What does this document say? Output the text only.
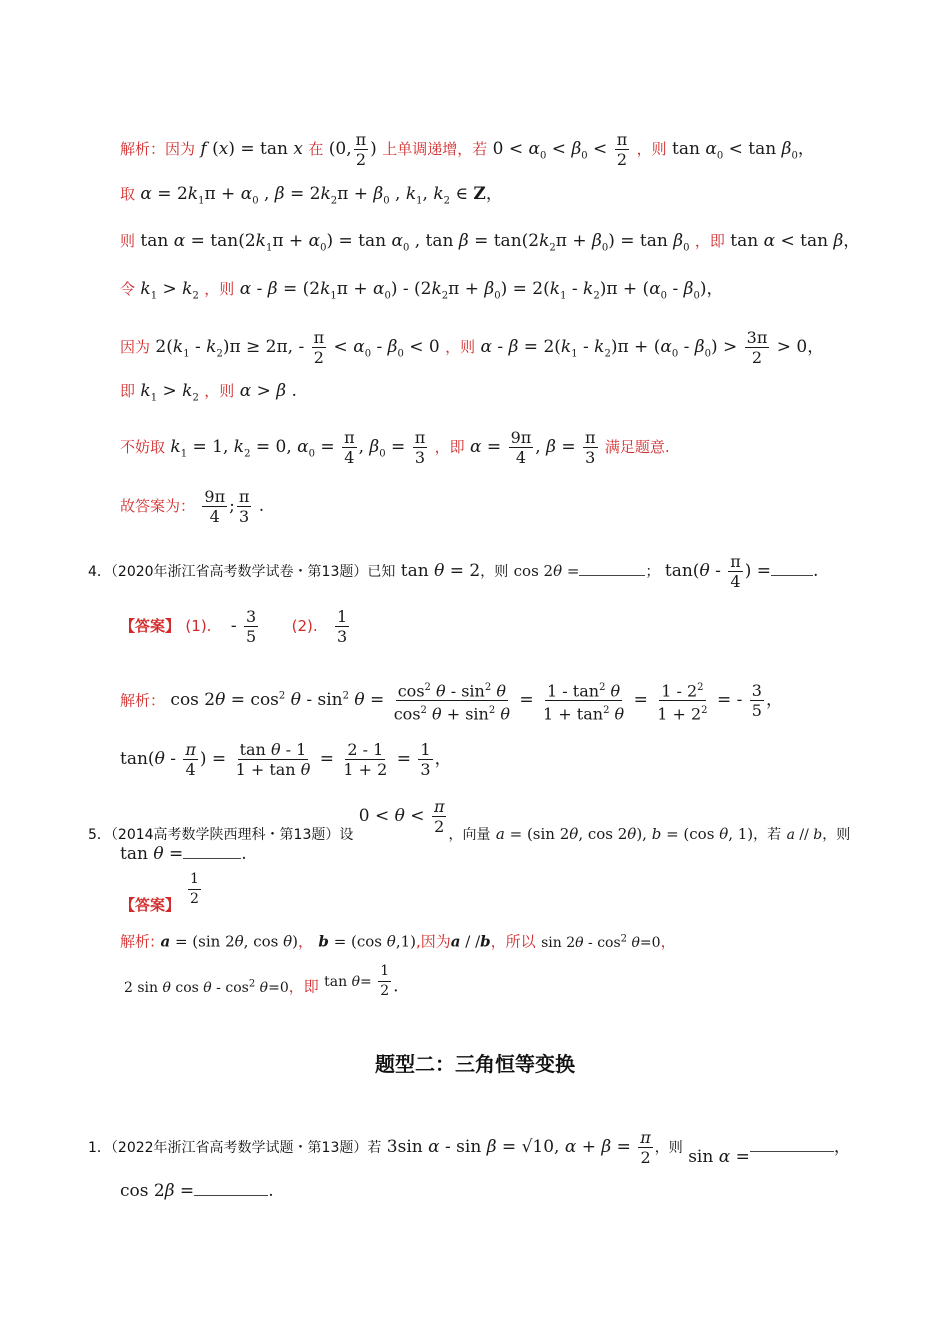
解析：因为 f (x) = tan x 在 (0, $\frac{\pi}{2}$ ) 上单调递增，若 $0 < \alpha_0 < \beta_0 < \frac{\pi}{2}$ ，则 $\tan \alpha_0 < \tan \beta_0$，
取 $\alpha = 2k_1\pi + \alpha_0$ , $\beta = 2k_2\pi + \beta_0$ , $k_1$, $k_2$ ∈ Z，
则 $\tan \alpha = \tan(2k_1\pi + \alpha_0) = \tan \alpha_0$ , $\tan \beta = \tan(2k_2\pi + \beta_0) = \tan \beta_0$ ，即 tan α < tan β，
令 $k_1 > k_2$ ，则 $\alpha - \beta = (2k_1\pi + \alpha_0) - (2k_2\pi + \beta_0) = 2(k_1 - k_2)\pi + (\alpha_0 - \beta_0)$，
因为 $2(k_1 - k_2)\pi \ge 2\pi$, - $\frac{\pi}{2} < \alpha_0 - \beta_0 < 0$ ，则 $\alpha - \beta = 2(k_1 - k_2)\pi + (\alpha_0 - \beta_0) > \frac{3\pi}{2} > 0$，
即 $k_1 > k_2$ ，则 α > β .
不妨取 $k_1 = 1$, $k_2 = 0$, $\alpha_0 = \frac{\pi}{4}$ , $\beta_0 = \frac{\pi}{3}$ ，即 $\alpha = \frac{9\pi}{4}$ , $\beta = \frac{\pi}{3}$ 满足题意.
故答案为： $\frac{9\pi}{4}$ ; $\frac{\pi}{3}$ .
4．（2020年浙江省高考数学试卷・第13题）已知 tan θ = 2，则 cos 2θ =	； $\tan(\theta - \frac{\pi}{4}$ ) = .
【答案】 (1). - $\frac{3}{5} (2)$. $\frac{1}{3}$
解析： $\cos 2\theta = \cos^2 \theta - \sin^2 \theta = \frac{\cos^2 \theta - \sin^2 \theta}{\cos^2 \theta + \sin^2 \theta} = \frac{1 - \tan^2 \theta}{1 + \tan^2 \theta} = \frac{1 - 2^2}{1 + 2^2}$ = - $\frac{3}{5}$ ，
$\tan(\theta - \frac{\pi}{4}$ ) = $\frac{\text{tan θ - 1}}{\text{1 + tan θ}} = \frac{2 - 1}{1 + 2} = \frac{1}{3}$ ，
5．（2014高考数学陕西理科・第13题）设 $0 < \theta < \frac{\pi}{2}$ ，向量 a = (sin 2θ, cos 2θ), b = (cos θ, 1)，若 a // b，则
tan θ =	.
$\frac{1}{2}$
【答案】
解析: a = (sin 2θ, cos θ)， b = (cos θ,1),因为a / /b，所以 $\sin 2\theta - \cos^2 \theta=0$，
2 sin θ $\cos \theta - \cos^2 \theta=0$，即 $^{tan \theta= \frac{1}{2}}$ .
题型二：三角恒等变换
1．（2022年浙江省高考数学试题・第13题）若 3sin α - sin β = √10, $\alpha + \beta = \frac{\pi}{2}$ ，则 sin α =	，
cos 2β =	.
